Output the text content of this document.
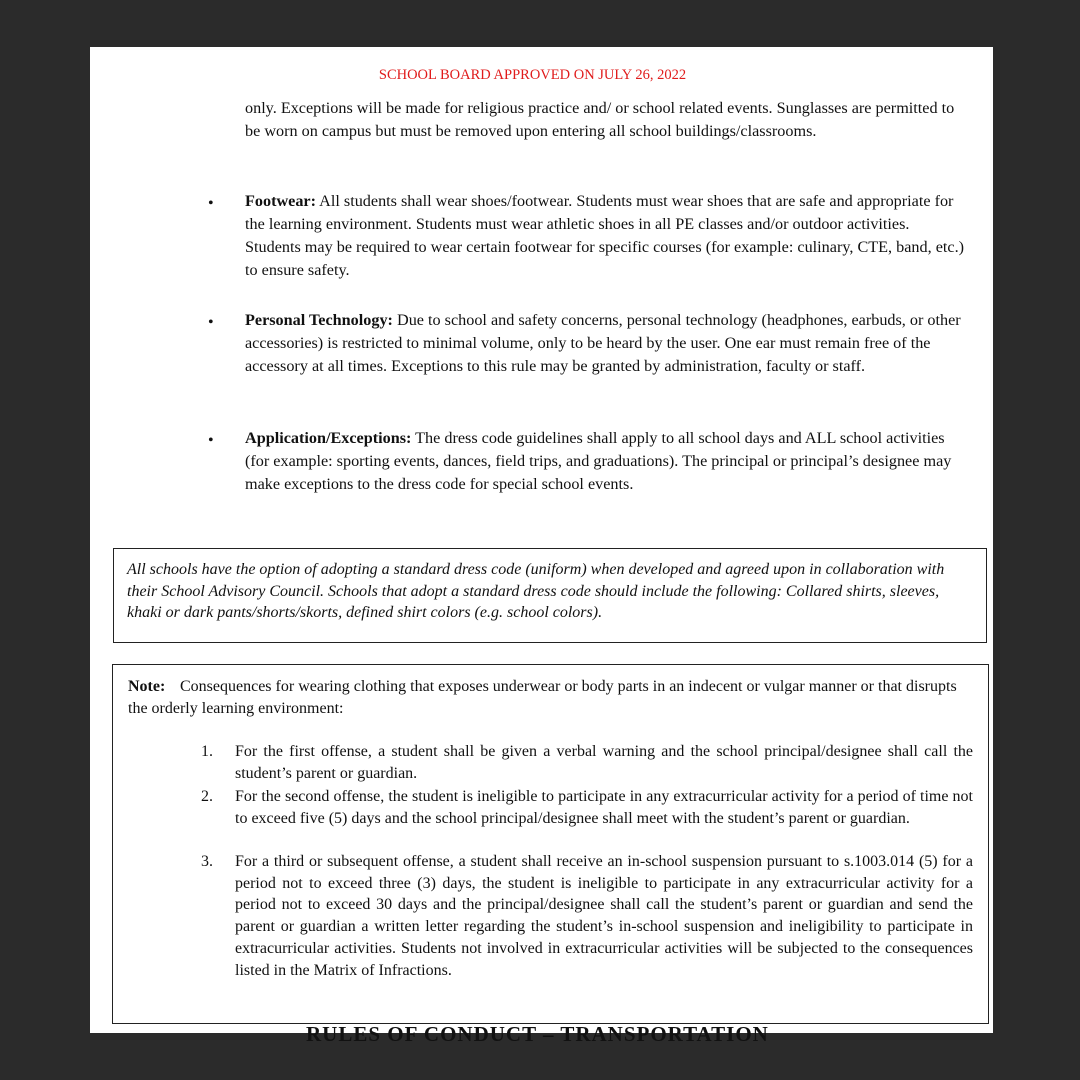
SCHOOL BOARD APPROVED ON JULY 26, 2022
only. Exceptions will be made for religious practice and/ or school related events. Sunglasses are permitted to be worn on campus but must be removed upon entering all school buildings/classrooms.
• Footwear: All students shall wear shoes/footwear. Students must wear shoes that are safe and appropriate for the learning environment. Students must wear athletic shoes in all PE classes and/or outdoor activities. Students may be required to wear certain footwear for specific courses (for example: culinary, CTE, band, etc.) to ensure safety.
• Personal Technology: Due to school and safety concerns, personal technology (headphones, earbuds, or other accessories) is restricted to minimal volume, only to be heard by the user. One ear must remain free of the accessory at all times. Exceptions to this rule may be granted by administration, faculty or staff.
• Application/Exceptions: The dress code guidelines shall apply to all school days and ALL school activities (for example: sporting events, dances, field trips, and graduations). The principal or principal’s designee may make exceptions to the dress code for special school events.
All schools have the option of adopting a standard dress code (uniform) when developed and agreed upon in collaboration with their School Advisory Council. Schools that adopt a standard dress code should include the following: Collared shirts, sleeves, khaki or dark pants/shorts/skorts, defined shirt colors (e.g. school colors).
Note: Consequences for wearing clothing that exposes underwear or body parts in an indecent or vulgar manner or that disrupts the orderly learning environment:
1. For the first offense, a student shall be given a verbal warning and the school principal/designee shall call the student’s parent or guardian.
2. For the second offense, the student is ineligible to participate in any extracurricular activity for a period of time not to exceed five (5) days and the school principal/designee shall meet with the student’s parent or guardian.
3. For a third or subsequent offense, a student shall receive an in-school suspension pursuant to s.1003.014 (5) for a period not to exceed three (3) days, the student is ineligible to participate in any extracurricular activity for a period not to exceed 30 days and the principal/designee shall call the student’s parent or guardian and send the parent or guardian a written letter regarding the student’s in-school suspension and ineligibility to participate in extracurricular activities. Students not involved in extracurricular activities will be subjected to the consequences listed in the Matrix of Infractions.
RULES OF CONDUCT – TRANSPORTATION
